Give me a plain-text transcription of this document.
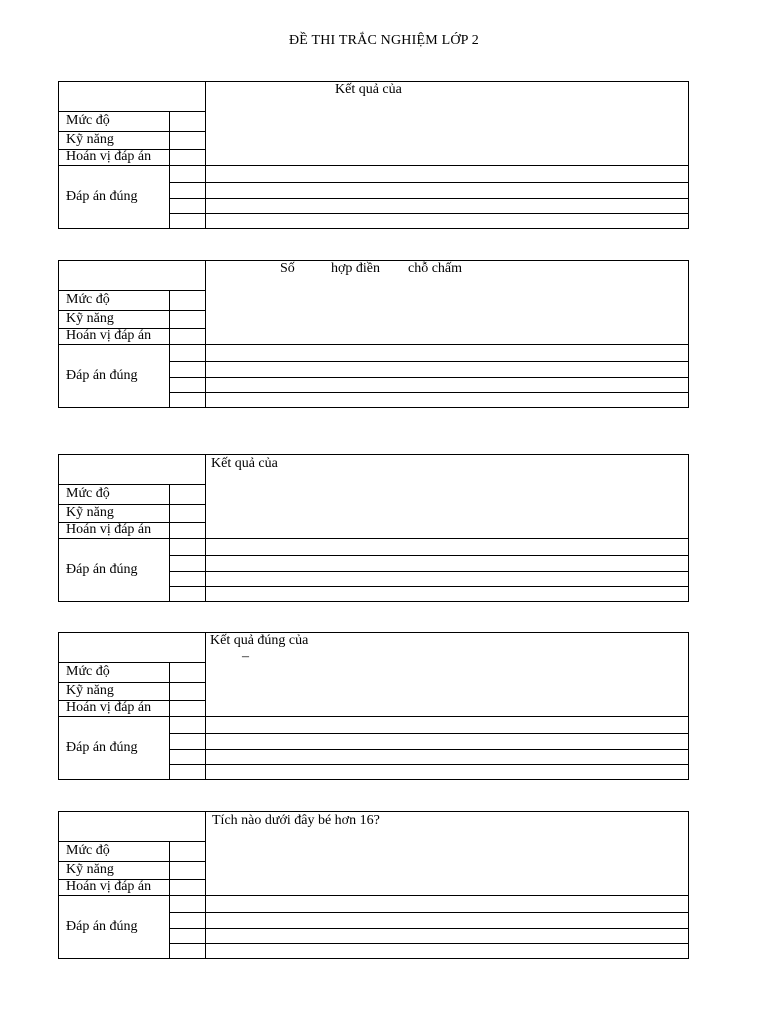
ĐỀ THI TRẮC NGHIỆM LỚP 2
Mức độ
Kỹ năng
Hoán vị đáp án
Đáp án đúng
Kết quả của
Mức độ
Kỹ năng
Hoán vị đáp án
Đáp án đúng
Số	hợp điền chỗ chấm
Mức độ
Kỹ năng
Hoán vị đáp án
Đáp án đúng
Kết quả của
Mức độ
Kỹ năng
Hoán vị đáp án
Đáp án đúng
Kết quả đúng của
–
Mức độ
Kỹ năng
Hoán vị đáp án
Đáp án đúng
Tích nào dưới đây bé hơn 16?
